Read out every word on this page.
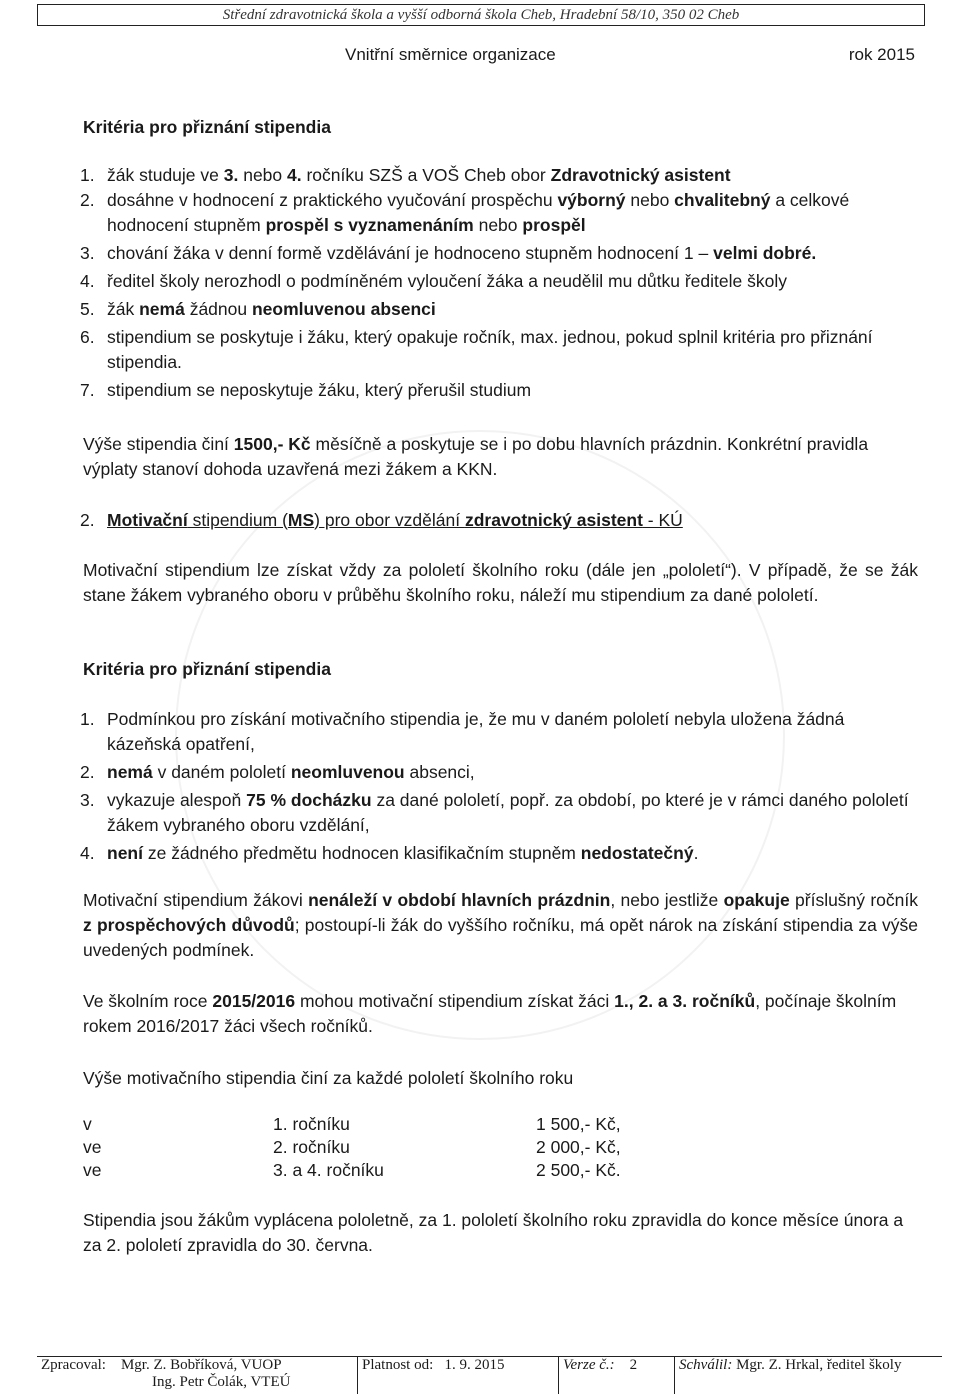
Střední zdravotnická škola a vyšší odborná škola Cheb, Hradební 58/10, 350 02 Cheb
Vnitřní směrnice organizace	rok 2015
Kritéria pro přiznání stipendia
1. žák studuje ve 3. nebo 4. ročníku SZŠ a VOŠ Cheb obor Zdravotnický asistent
2. dosáhne v hodnocení z praktického vyučování prospěchu výborný nebo chvalitebný a celkové hodnocení stupněm prospěl s vyznamenáním nebo prospěl
3. chování žáka v denní formě vzdělávání je hodnoceno stupněm hodnocení 1 – velmi dobré.
4. ředitel školy nerozhodl o podmíněném vyloučení žáka a neudělil mu důtku ředitele školy
5. žák nemá žádnou neomluvenou absenci
6. stipendium se poskytuje i žáku, který opakuje ročník, max. jednou, pokud splnil kritéria pro přiznání stipendia.
7. stipendium se neposkytuje žáku, který přerušil studium
Výše stipendia činí 1500,- Kč měsíčně a poskytuje se i po dobu hlavních prázdnin. Konkrétní pravidla výplaty stanoví dohoda uzavřená mezi žákem a KKN.
2. Motivační stipendium (MS) pro obor vzdělání zdravotnický asistent - KÚ
Motivační stipendium lze získat vždy za pololetí školního roku (dále jen „pololetí“). V případě, že se žák stane žákem vybraného oboru v průběhu školního roku, náleží mu stipendium za dané pololetí.
Kritéria pro přiznání stipendia
1. Podmínkou pro získání motivačního stipendia je, že mu v daném pololetí nebyla uložena žádná kázeňská opatření,
2. nemá v daném pololetí neomluvenou absenci,
3. vykazuje alespoň 75 % docházku za dané pololetí, popř. za období, po které je v rámci daného pololetí žákem vybraného oboru vzdělání,
4. není ze žádného předmětu hodnocen klasifikačním stupněm nedostatečný.
Motivační stipendium žákovi nenáleží v období hlavních prázdnin, nebo jestliže opakuje příslušný ročník z prospěchových důvodů; postoupí-li žák do vyššího ročníku, má opět nárok na získání stipendia za výše uvedených podmínek.
Ve školním roce 2015/2016 mohou motivační stipendium získat žáci 1., 2. a 3. ročníků, počínaje školním rokem 2016/2017 žáci všech ročníků.
Výše motivačního stipendia činí za každé pololetí školního roku
v	1. ročníku	1 500,- Kč,
ve	2. ročníku	2 000,- Kč,
ve	3. a 4. ročníku	2 500,- Kč.
Stipendia jsou žákům vyplácena pololetně, za 1. pololetí školního roku zpravidla do konce měsíce února a za 2. pololetí zpravidla do 30. června.
Zpracoval: Mgr. Z. Bobříková, VUOP
Ing. Petr Čolák, VTEÚ	Platnost od: 1. 9. 2015	Verze č.: 2	Schválil: Mgr. Z. Hrkal, ředitel školy
